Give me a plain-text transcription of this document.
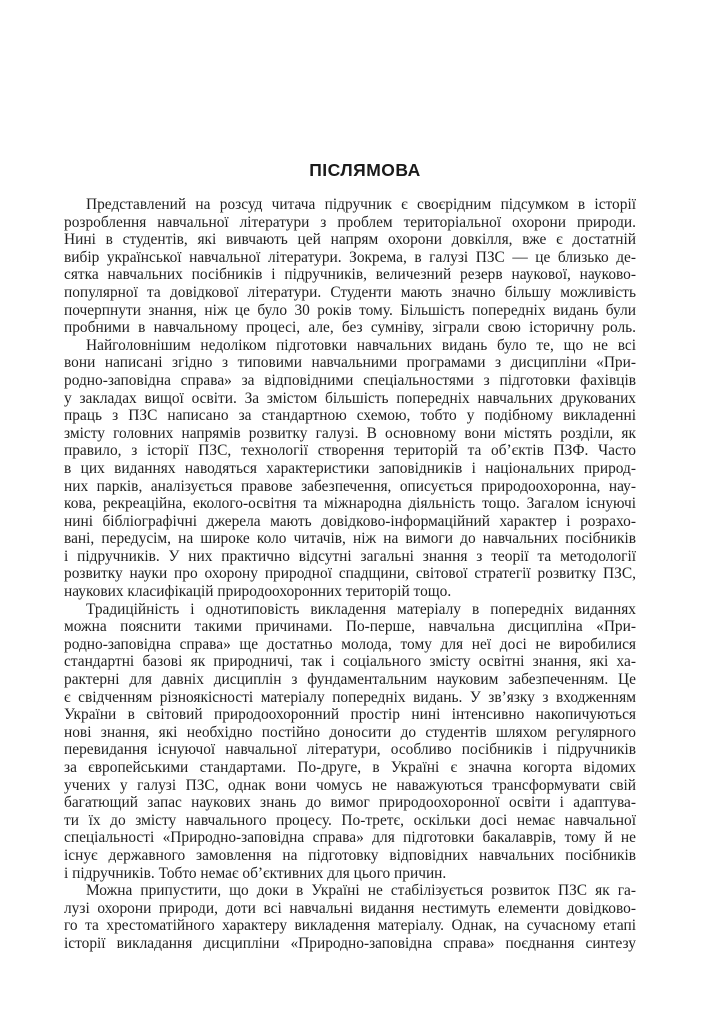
ПІСЛЯМОВА
Представлений на розсуд читача підручник є своєрідним підсумком в історії
розроблення навчальної літератури з проблем територіальної охорони природи.
Нині в студентів, які вивчають цей напрям охорони довкілля, вже є достатній
вибір української навчальної літератури. Зокрема, в галузі ПЗС — це близько де-
сятка навчальних посібників і підручників, величезний резерв наукової, науково-
популярної та довідкової літератури. Студенти мають значно більшу можливість
почерпнути знання, ніж це було 30 років тому. Більшість попередніх видань були
пробними в навчальному процесі, але, без сумніву, зіграли свою історичну роль.
Найголовнішим недоліком підготовки навчальних видань було те, що не всі
вони написані згідно з типовими навчальними програмами з дисципліни «При-
родно-заповідна справа» за відповідними спеціальностями з підготовки фахівців
у закладах вищої освіти. За змістом більшість попередніх навчальних друкованих
праць з ПЗС написано за стандартною схемою, тобто у подібному викладенні
змісту головних напрямів розвитку галузі. В основному вони містять розділи, як
правило, з історії ПЗС, технології створення територій та об’єктів ПЗФ. Часто
в цих виданнях наводяться характеристики заповідників і національних природ-
них парків, аналізується правове забезпечення, описується природоохоронна, нау-
кова, рекреаційна, еколого-освітня та міжнародна діяльність тощо. Загалом існуючі
нині бібліографічні джерела мають довідково-інформаційний характер і розрахо-
вані, передусім, на широке коло читачів, ніж на вимоги до навчальних посібників
і підручників. У них практично відсутні загальні знання з теорії та методології
розвитку науки про охорону природної спадщини, світової стратегії розвитку ПЗС,
наукових класифікацій природоохоронних територій тощо.
Традиційність і однотиповість викладення матеріалу в попередніх виданнях
можна пояснити такими причинами. По-перше, навчальна дисципліна «При-
родно-заповідна справа» ще достатньо молода, тому для неї досі не виробилися
стандартні базові як природничі, так і соціального змісту освітні знання, які ха-
рактерні для давніх дисциплін з фундаментальним науковим забезпеченням. Це
є свідченням різноякісності матеріалу попередніх видань. У зв’язку з входженням
України в світовий природоохоронний простір нині інтенсивно накопичуються
нові знання, які необхідно постійно доносити до студентів шляхом регулярного
перевидання існуючої навчальної літератури, особливо посібників і підручників
за європейськими стандартами. По-друге, в Україні є значна когорта відомих
учених у галузі ПЗС, однак вони чомусь не наважуються трансформувати свій
багатющий запас наукових знань до вимог природоохоронної освіти і адаптува-
ти їх до змісту навчального процесу. По-третє, оскільки досі немає навчальної
спеціальності «Природно-заповідна справа» для підготовки бакалаврів, тому й не
існує державного замовлення на підготовку відповідних навчальних посібників
і підручників. Тобто немає об’єктивних для цього причин.
Можна припустити, що доки в Україні не стабілізується розвиток ПЗС як га-
лузі охорони природи, доти всі навчальні видання нестимуть елементи довідково-
го та хрестоматійного характеру викладення матеріалу. Однак, на сучасному етапі
історії викладання дисципліни «Природно-заповідна справа» поєднання синтезу
